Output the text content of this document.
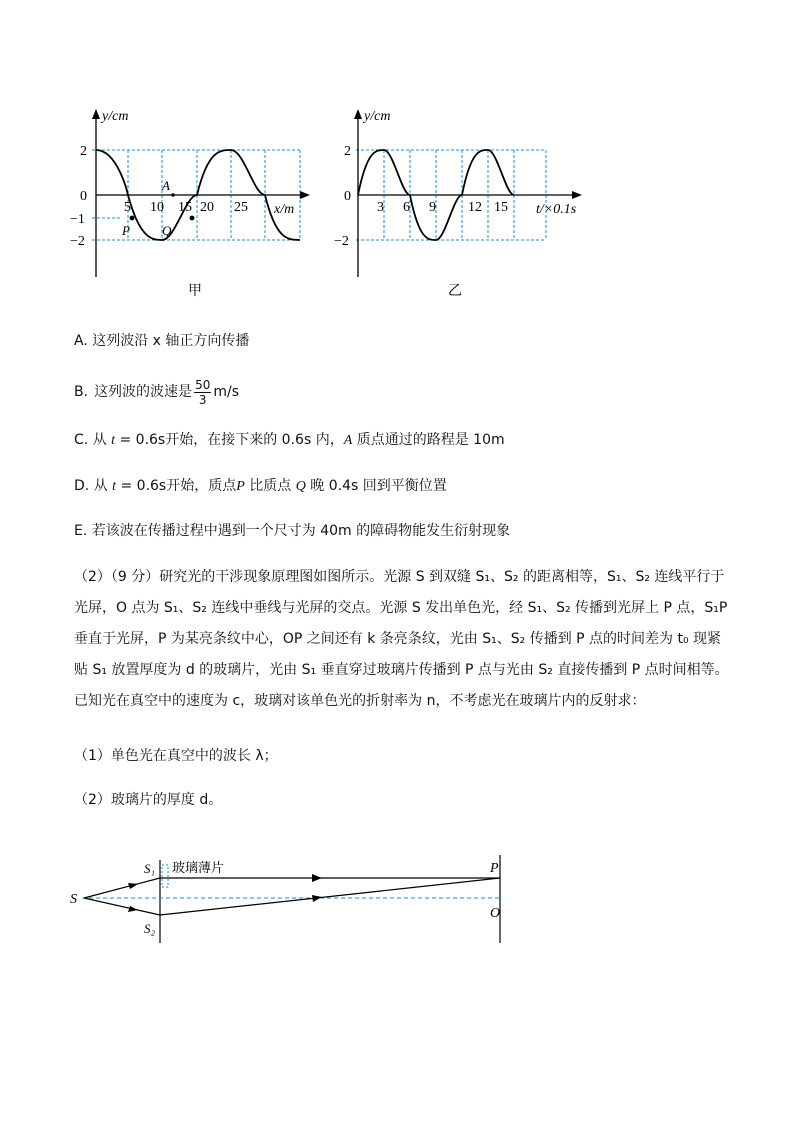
y/cm
2
0
−1
−2
5 10 15 20 25 x/m
A
P Q
甲
y/cm
2
0
−2
3 6 9 12 15 t/×0.1s
乙
A. 这列波沿 x 轴正方向传播
B. 这列波的波速是 $\frac{50}{3} m/s$
C. 从 t = 0.6s开始，在接下来的 0.6s 内，A 质点通过的路程是 10m
D. 从 t = 0.6s开始，质点P 比质点 Q 晚 0.4s 回到平衡位置
E. 若该波在传播过程中遇到一个尺寸为 40m 的障碍物能发生衍射现象
（2）（9 分）研究光的干涉现象原理图如图所示。光源 S 到双缝 S₁、S₂ 的距离相等，S₁、S₂ 连线平行于光屏，O 点为 S₁、S₂ 连线中垂线与光屏的交点。光源 S 发出单色光，经 S₁、S₂ 传播到光屏上 P 点，S₁P 垂直于光屏，P 为某亮条纹中心，OP 之间还有 k 条亮条纹，光由 S₁、S₂ 传播到 P 点的时间差为 t₀ 现紧贴 S₁ 放置厚度为 d 的玻璃片，光由 S₁ 垂直穿过玻璃片传播到 P 点与光由 S₂ 直接传播到 P 点时间相等。已知光在真空中的速度为 c，玻璃对该单色光的折射率为 n，不考虑光在玻璃片内的反射求：
（1）单色光在真空中的波长 λ；
（2）玻璃片的厚度 d。
S
S₁
S₂
P
O
玻璃薄片
